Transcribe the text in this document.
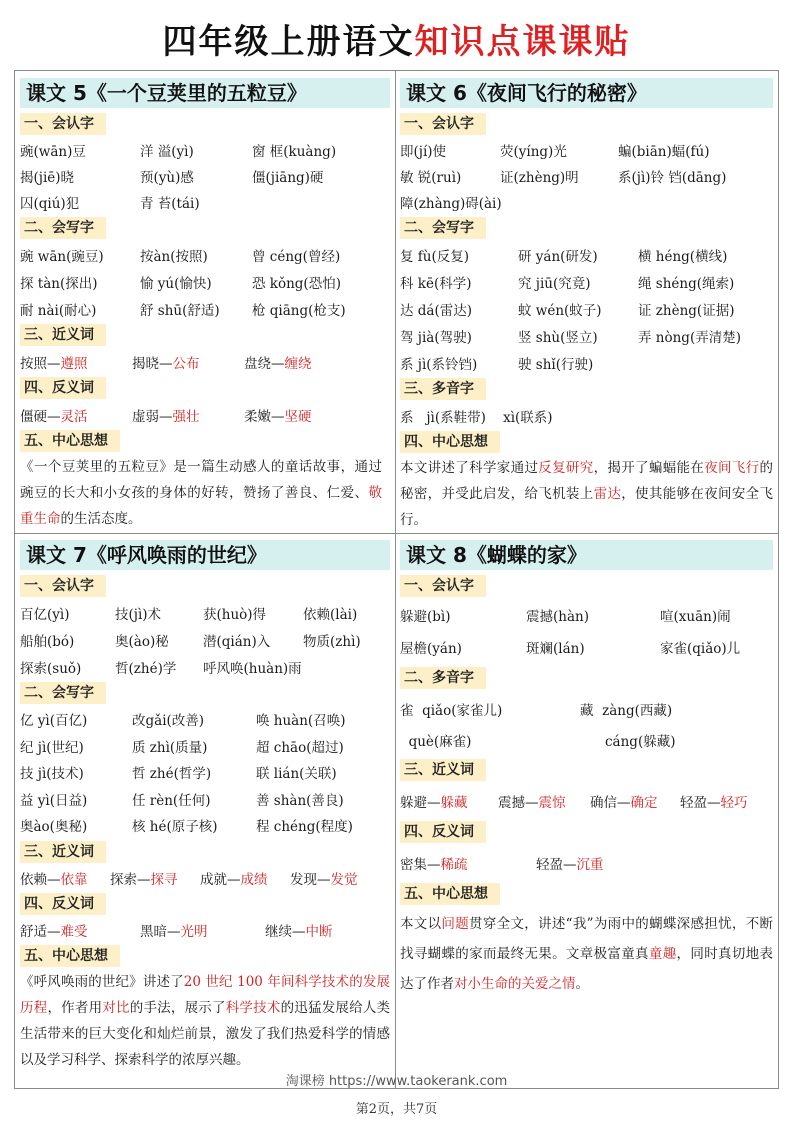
四年级上册语文知识点课课贴
课文 5《一个豆荚里的五粒豆》
一、会认字
豌(wān)豆	洋 溢(yì)	窗 框(kuàng)
揭(jiē)晓	预(yù)感	僵(jiāng)硬
囚(qiú)犯	青 苔(tái)
二、会写字
豌 wān(豌豆)	按àn(按照)	曾 céng(曾经)
探 tàn(探出)	愉 yú(愉快)	恐 kǒng(恐怕)
耐 nài(耐心)	舒 shū(舒适)	枪 qiāng(枪支)
三、近义词
按照—遵照	揭晓—公布	盘绕—缠绕
四、反义词
僵硬—灵活	虚弱—强壮	柔嫩—坚硬
五、中心思想
《一个豆荚里的五粒豆》是一篇生动感人的童话故事，通过豌豆的长大和小女孩的身体的好转，赞扬了善良、仁爱、敬重生命的生活态度。
课文 6《夜间飞行的秘密》
一、会认字
即(jí)使	荧(yíng)光	蝙(biān)蝠(fú)
敏 锐(ruì)	证(zhèng)明	系(jì)铃 铛(dāng)
障(zhàng)碍(ài)
二、会写字
复 fù(反复)	研 yán(研发)	横 héng(横线)
科 kē(科学)	究 jiū(究竟)	绳 shéng(绳索)
达 dá(雷达)	蚊 wén(蚊子)	证 zhèng(证据)
驾 jià(驾驶)	竖 shù(竖立)	弄 nòng(弄清楚)
系 jì(系铃铛)	驶 shǐ(行驶)
三、多音字
系   jì(系鞋带)    xì(联系)
四、中心思想
本文讲述了科学家通过反复研究，揭开了蝙蝠能在夜间飞行的秘密，并受此启发，给飞机装上雷达，使其能够在夜间安全飞行。
课文 7《呼风唤雨的世纪》
一、会认字
百亿(yì)	技(jì)术	获(huò)得	依赖(lài)
船舶(bó)	奥(ào)秘	潜(qián)入	物质(zhì)
探索(suǒ)	哲(zhé)学	呼风唤(huàn)雨
二、会写字
亿 yì(百亿)	改gǎi(改善)	唤 huàn(召唤)
纪 jì(世纪)	质 zhì(质量)	超 chāo(超过)
技 jì(技术)	哲 zhé(哲学)	联 lián(关联)
益 yì(日益)	任 rèn(任何)	善 shàn(善良)
奥ào(奥秘)	核 hé(原子核)	程 chéng(程度)
三、近义词
依赖—依靠	探索—探寻	成就—成绩	发现—发觉
四、反义词
舒适—难受	黑暗—光明	继续—中断
五、中心思想
《呼风唤雨的世纪》讲述了20 世纪 100 年间科学技术的发展历程，作者用对比的手法，展示了科学技术的迅猛发展给人类生活带来的巨大变化和灿烂前景，激发了我们热爱科学的情感以及学习科学、探索科学的浓厚兴趣。
课文 8《蝴蝶的家》
一、会认字
躲避(bì)	震撼(hàn)	喧(xuān)闹
屋檐(yán)	斑斓(lán)	家雀(qiǎo)儿
二、多音字
雀  qiǎo(家雀儿)	藏  zàng(西藏)
què(麻雀)	cáng(躲藏)
三、近义词
躲避—躲藏	震撼—震惊	确信—确定	轻盈—轻巧
四、反义词
密集—稀疏	轻盈—沉重
五、中心思想
本文以问题贯穿全文，讲述“我”为雨中的蝴蝶深感担忧，不断找寻蝴蝶的家而最终无果。文章极富童真童趣，同时真切地表达了作者对小生命的关爱之情。
淘课榜 https://www.taokerank.com
第2页，共7页
